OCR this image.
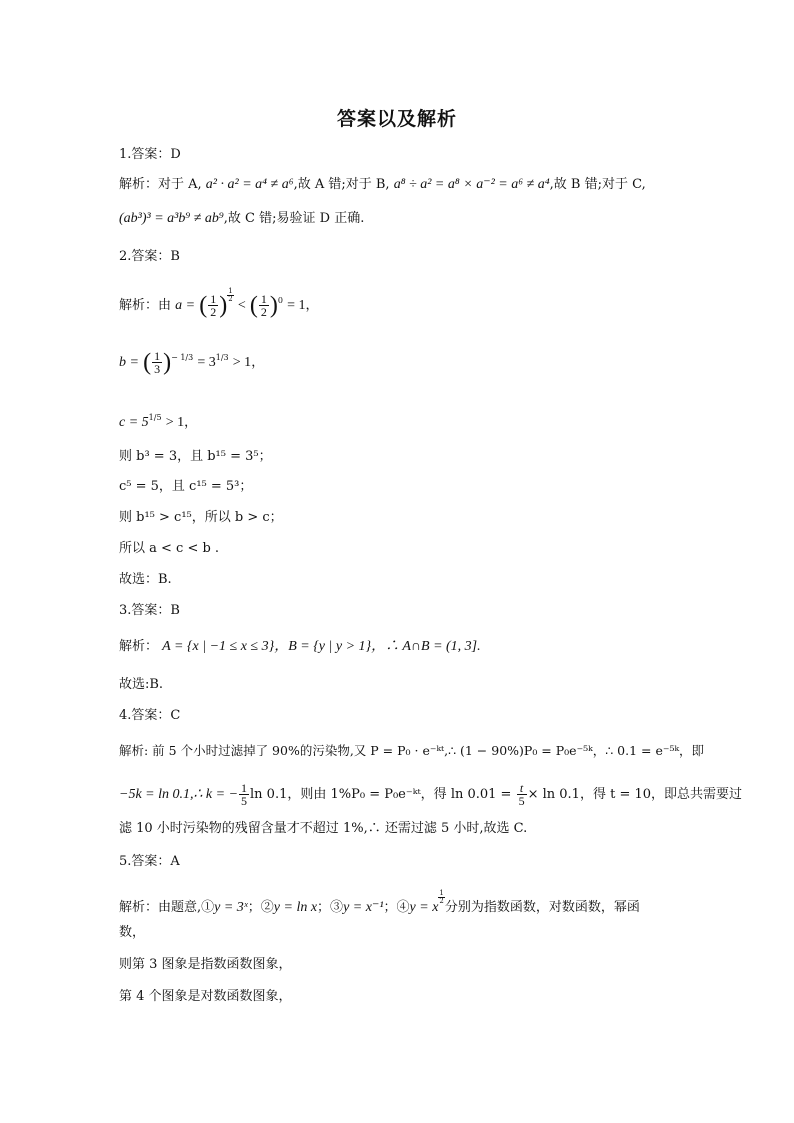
答案以及解析
1.答案：D
解析：对于 A, a² · a² = a⁴ ≠ a⁶,故 A 错;对于 B, a⁸ ÷ a² = a⁸ × a⁻² = a⁶ ≠ a⁴,故 B 错;对于 C,
(ab³)³ = a³b⁹ ≠ ab⁹,故 C 错;易验证 D 正确.
2.答案：B
解析：由 a = ( $\frac{1}{2}$ ) $\frac{1}{2}$
< ( $\frac{1}{2} )^0 = 1$，
b = ( $\frac{1}{3} )^{- 1/3} = 3^{1/3} > 1$，
$c = 5^{1/5} > 1$，
则 b³ = 3，且 b¹⁵ = 3⁵；
c⁵ = 5，且 c¹⁵ = 5³；
则 b¹⁵ > c¹⁵，所以 b > c；
所以 a < c < b .
故选：B.
3.答案：B
解析： A = {x | −1 ≤ x ≤ 3}，B = {y | y > 1}，∴ A∩B = (1, 3].
故选:B.
4.答案：C
解析: 前 5 个小时过滤掉了 90%的污染物,又 P = P₀ · e⁻ᵏᵗ,∴ (1 − 90%)P₀ = P₀e⁻⁵ᵏ，∴ 0.1 = e⁻⁵ᵏ，即
−5k = ln 0.1,∴ k = − $\frac{1}{5}$ ln 0.1，则由 1%P₀ = P₀e⁻ᵏᵗ，得 $\ln 0.01 = \frac{t}{5} \times \ln 0.1$，得 t = 10，即总共需要过
滤 10 小时污染物的残留含量才不超过 1%,∴ 还需过滤 5 小时,故选 C.
5.答案：A
解析：由题意,①y = 3ˣ；②y = ln x；③y = x⁻¹；④y = x
$\frac{1}{2}$
分别为指数函数，对数函数，幂函
数，
则第 3 图象是指数函数图象，
第 4 个图象是对数函数图象，
